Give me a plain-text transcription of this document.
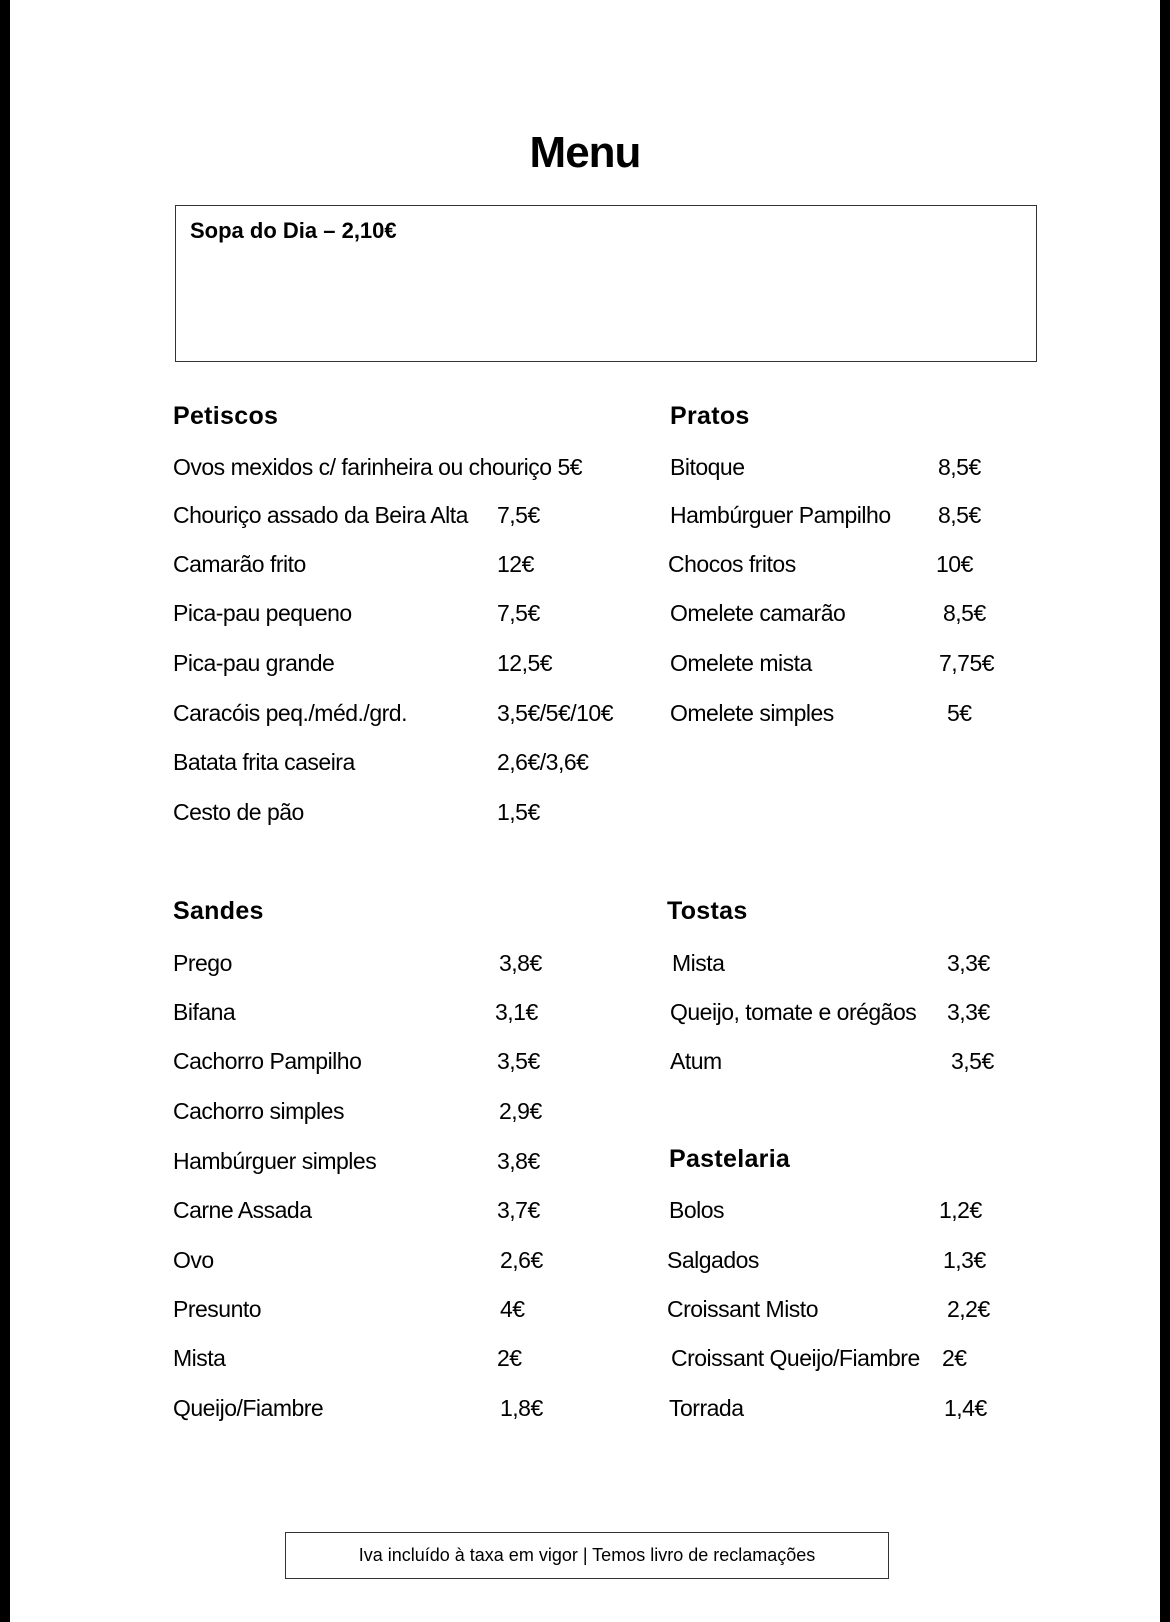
Menu
Sopa do Dia – 2,10€
Petiscos
Ovos mexidos c/ farinheira ou chouriço 5€
Chouriço assado da Beira Alta 7,5€
Camarão frito	12€
Pica-pau pequeno	7,5€
Pica-pau grande	12,5€
Caracóis peq./méd./grd.	3,5€/5€/10€
Batata frita caseira	2,6€/3,6€
Cesto de pão	1,5€
Pratos
Bitoque	8,5€
Hambúrguer Pampilho 8,5€
Chocos fritos	10€
Omelete camarão	8,5€
Omelete mista	7,75€
Omelete simples	5€
Sandes
Prego	3,8€
Bifana	3,1€
Cachorro Pampilho	3,5€
Cachorro simples	2,9€
Hambúrguer simples	3,8€
Carne Assada	3,7€
Ovo	2,6€
Presunto	4€
Mista	2€
Queijo/Fiambre	1,8€
Tostas
Mista	3,3€
Queijo, tomate e orégãos 3,3€
Atum	3,5€
Pastelaria
Bolos	1,2€
Salgados	1,3€
Croissant Misto	2,2€
Croissant Queijo/Fiambre 2€
Torrada	1,4€
Iva incluído à taxa em vigor | Temos livro de reclamações
